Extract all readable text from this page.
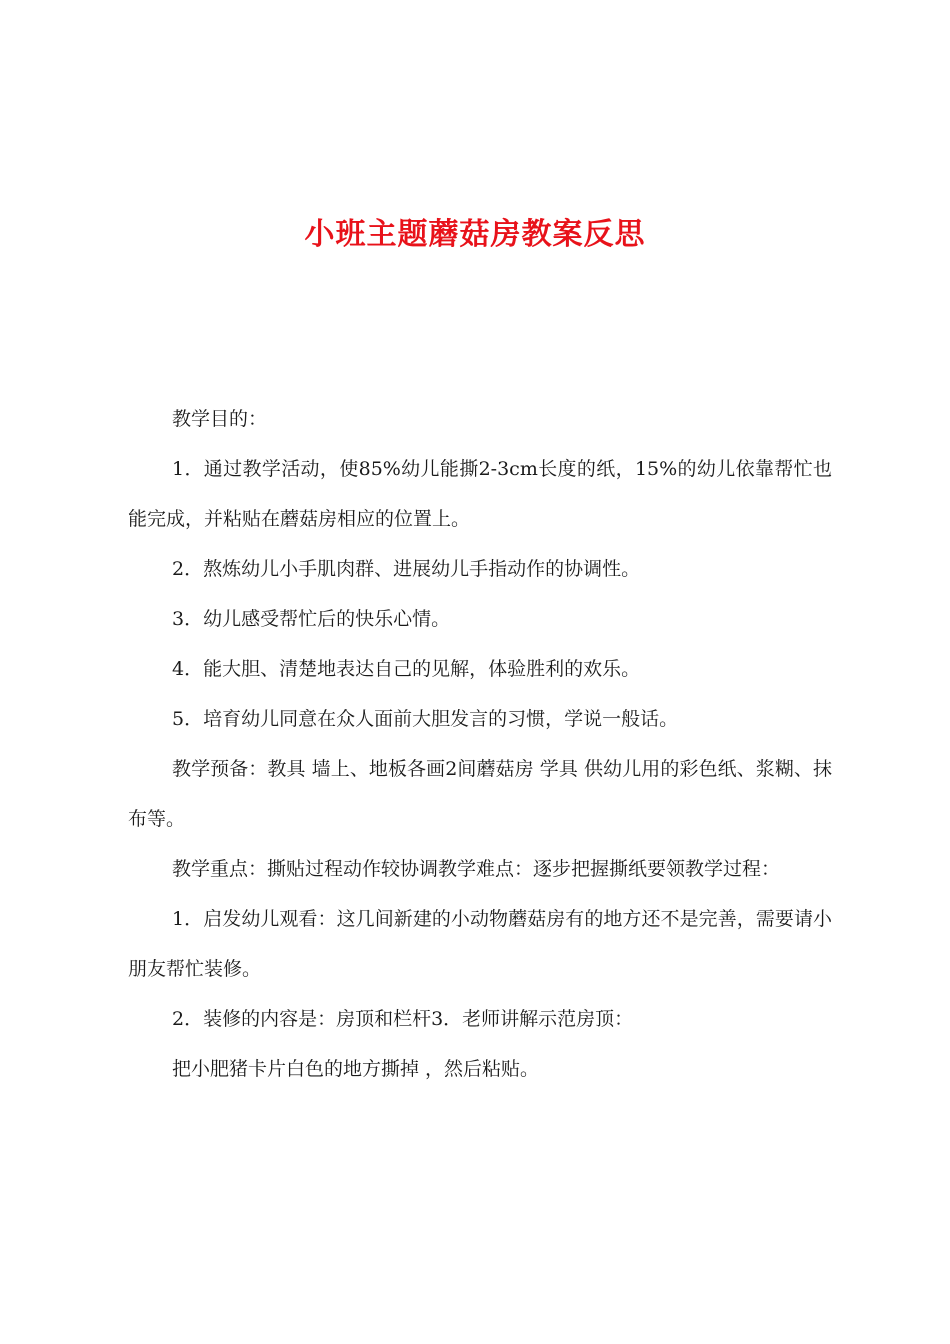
小班主题蘑菇房教案反思

教学目的：

1．通过教学活动，使85%幼儿能撕2-3cm长度的纸，15%的幼儿依靠帮忙也能完成，并粘贴在蘑菇房相应的位置上。

2．熬炼幼儿小手肌肉群、进展幼儿手指动作的协调性。

3．幼儿感受帮忙后的快乐心情。

4．能大胆、清楚地表达自己的见解，体验胜利的欢乐。

5．培育幼儿同意在众人面前大胆发言的习惯，学说一般话。

教学预备：教具 墙上、地板各画2间蘑菇房 学具 供幼儿用的彩色纸、浆糊、抹布等。

教学重点：撕贴过程动作较协调教学难点：逐步把握撕纸要领教学过程：

1．启发幼儿观看：这几间新建的小动物蘑菇房有的地方还不是完善，需要请小朋友帮忙装修。

2．装修的内容是：房顶和栏杆3．老师讲解示范房顶：

把小肥猪卡片白色的地方撕掉 ，然后粘贴。
